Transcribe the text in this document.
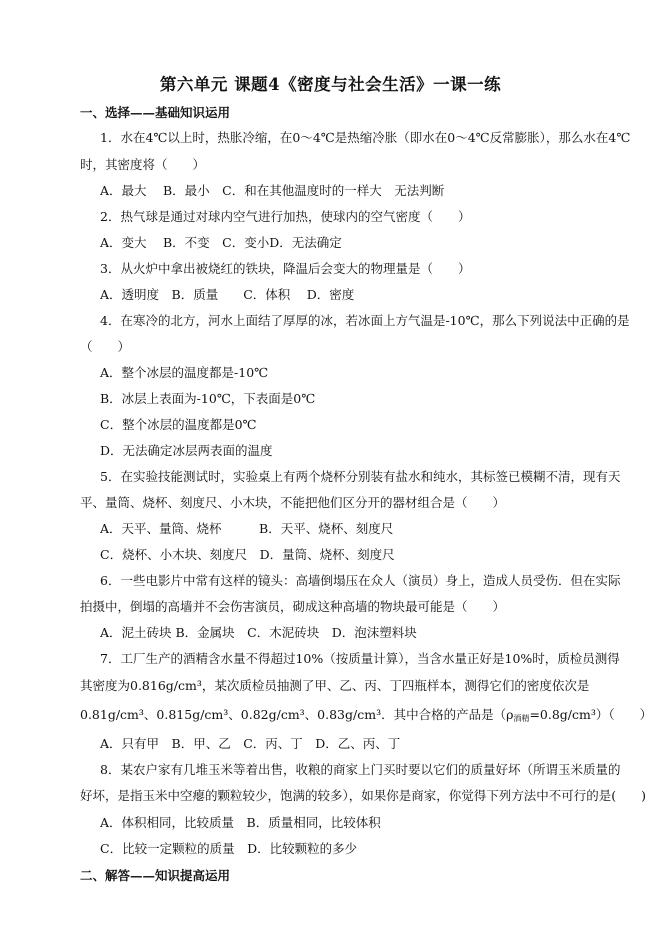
第六单元 课题4《密度与社会生活》一课一练
一、选择——基础知识运用
1．水在4℃以上时，热胀冷缩，在0～4℃是热缩冷胀（即水在0～4℃反常膨胀），那么水在4℃
时，其密度将（　　）
A．最大　 B．最小　C．和在其他温度时的一样大　无法判断
2．热气球是通过对球内空气进行加热，使球内的空气密度（　　）
A．变大　 B．不变　C．变小D．无法确定
3．从火炉中拿出被烧红的铁块，降温后会变大的物理量是（　　）
A．透明度　B．质量　　C．体积　 D．密度
4．在寒冷的北方，河水上面结了厚厚的冰，若冰面上方气温是-10℃，那么下列说法中正确的是
（　　）
A．整个冰层的温度都是-10℃
B．冰层上表面为-10℃，下表面是0℃
C．整个冰层的温度都是0℃
D．无法确定冰层两表面的温度
5．在实验技能测试时，实验桌上有两个烧杯分别装有盐水和纯水，其标签已模糊不清，现有天
平、量筒、烧杯、刻度尺、小木块，不能把他们区分开的器材组合是（　　）
A．天平、量筒、烧杯　　　B．天平、烧杯、刻度尺
C．烧杯、小木块、刻度尺　D．量筒、烧杯、刻度尺
6．一些电影片中常有这样的镜头：高墙倒塌压在众人（演员）身上，造成人员受伤．但在实际
拍摄中，倒塌的高墙并不会伤害演员，砌成这种高墙的物块最可能是（　　）
A．泥土砖块 B．金属块　C．木泥砖块　D．泡沫塑料块
7．工厂生产的酒精含水量不得超过10%（按质量计算），当含水量正好是10%时，质检员测得
其密度为0.816g/cm³，某次质检员抽测了甲、乙、丙、丁四瓶样本，测得它们的密度依次是
0.81g/cm³、0.815g/cm³、0.82g/cm³、0.83g/cm³．其中合格的产品是$(\rho_{酒精}=0.8g/cm^3)$（　　）
A．只有甲　B．甲、乙　C．丙、丁　D．乙、丙、丁
8．某农户家有几堆玉米等着出售，收粮的商家上门买时要以它们的质量好坏（所谓玉米质量的
好坏，是指玉米中空瘪的颗粒较少，饱满的较多），如果你是商家，你觉得下列方法中不可行的是(　　)
A．体积相同，比较质量　B．质量相同，比较体积
C．比较一定颗粒的质量　D．比较颗粒的多少
二、解答——知识提高运用
